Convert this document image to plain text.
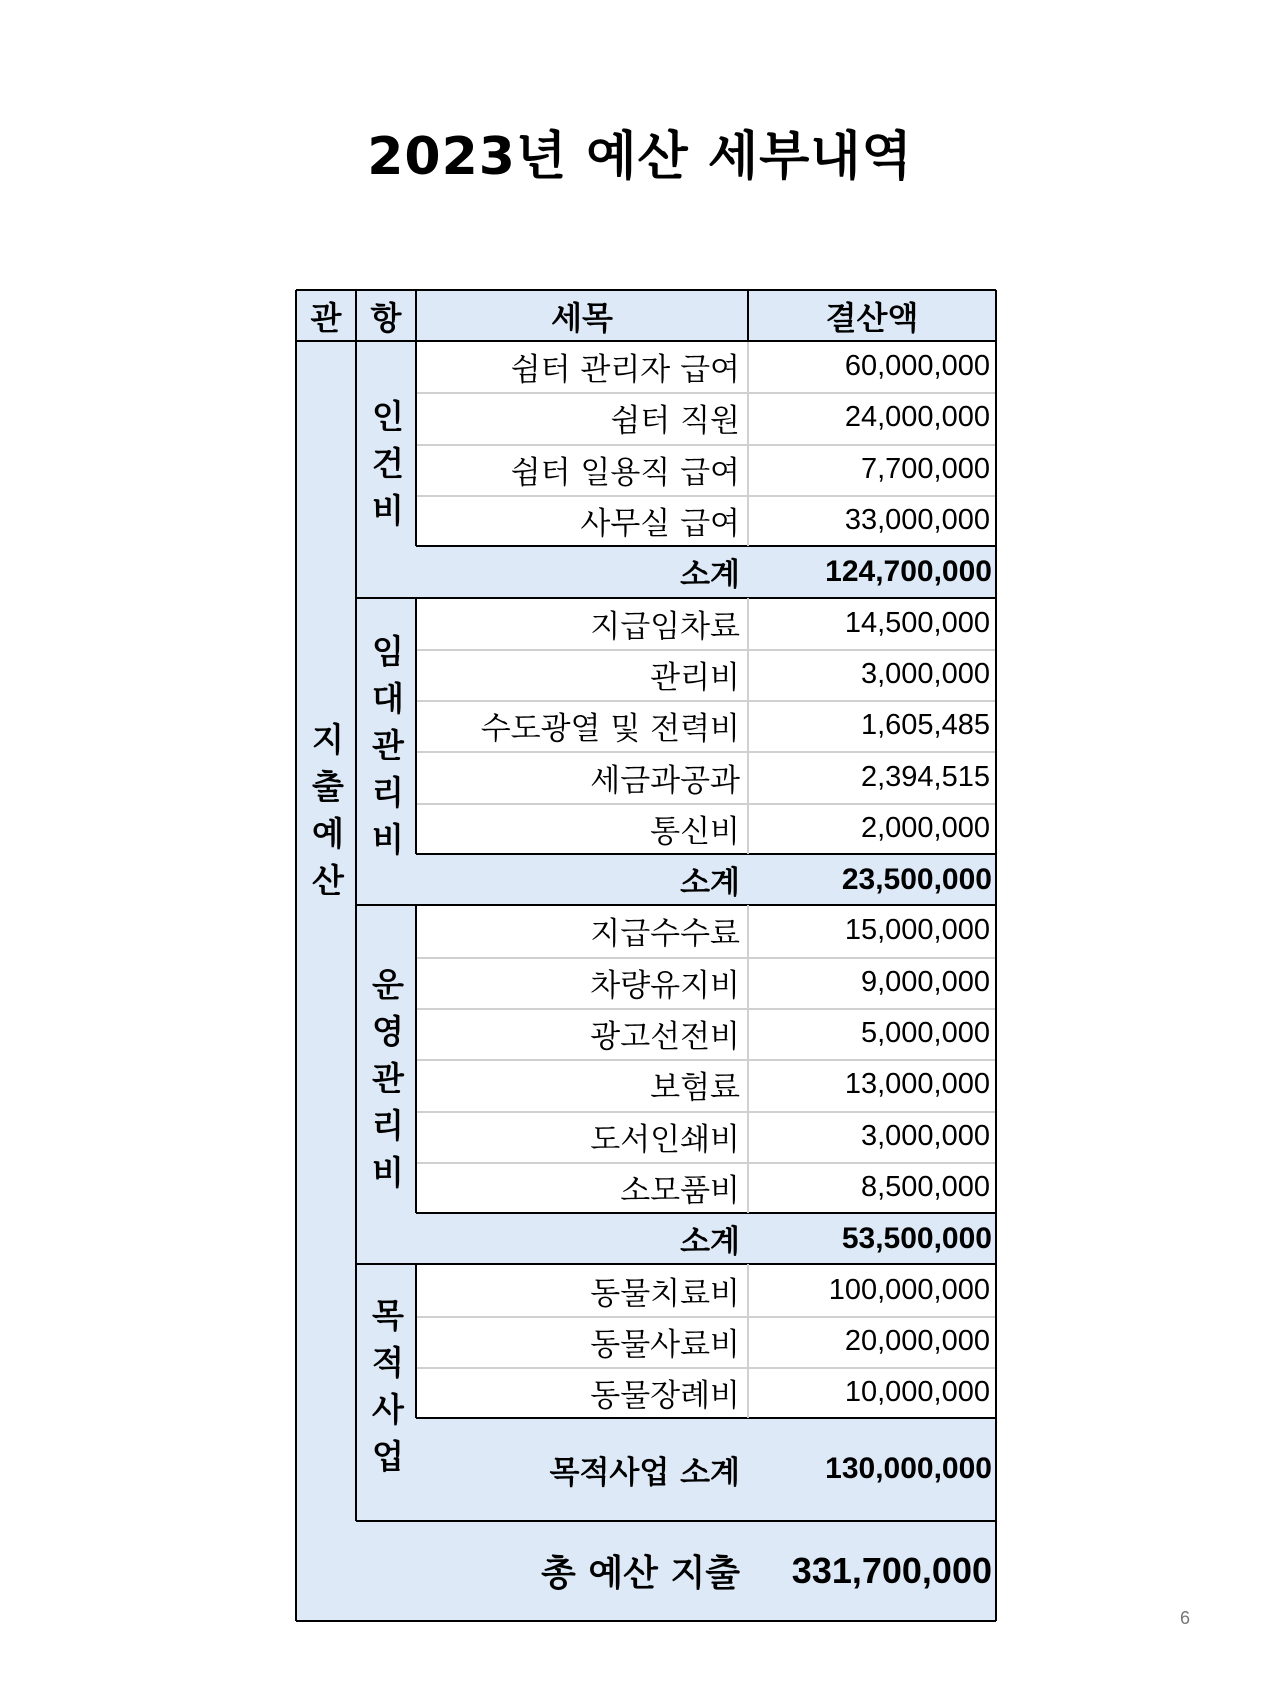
2023년 예산 세부내역
관 항	세목	결산액
지출예산
인건비
쉼터 관리자 급여	60,000,000
쉼터 직원	24,000,000
쉼터 일용직 급여	7,700,000
사무실 급여	33,000,000
소계	124,700,000
임대관리비
지급임차료	14,500,000
관리비	3,000,000
수도광열 및 전력비	1,605,485
세금과공과	2,394,515
통신비	2,000,000
소계	23,500,000
운영관리비
지급수수료	15,000,000
차량유지비	9,000,000
광고선전비	5,000,000
보험료	13,000,000
도서인쇄비	3,000,000
소모품비	8,500,000
소계	53,500,000
목적사업
동물치료비	100,000,000
동물사료비	20,000,000
동물장례비	10,000,000
목적사업 소계	130,000,000
총 예산 지출	331,700,000
6
